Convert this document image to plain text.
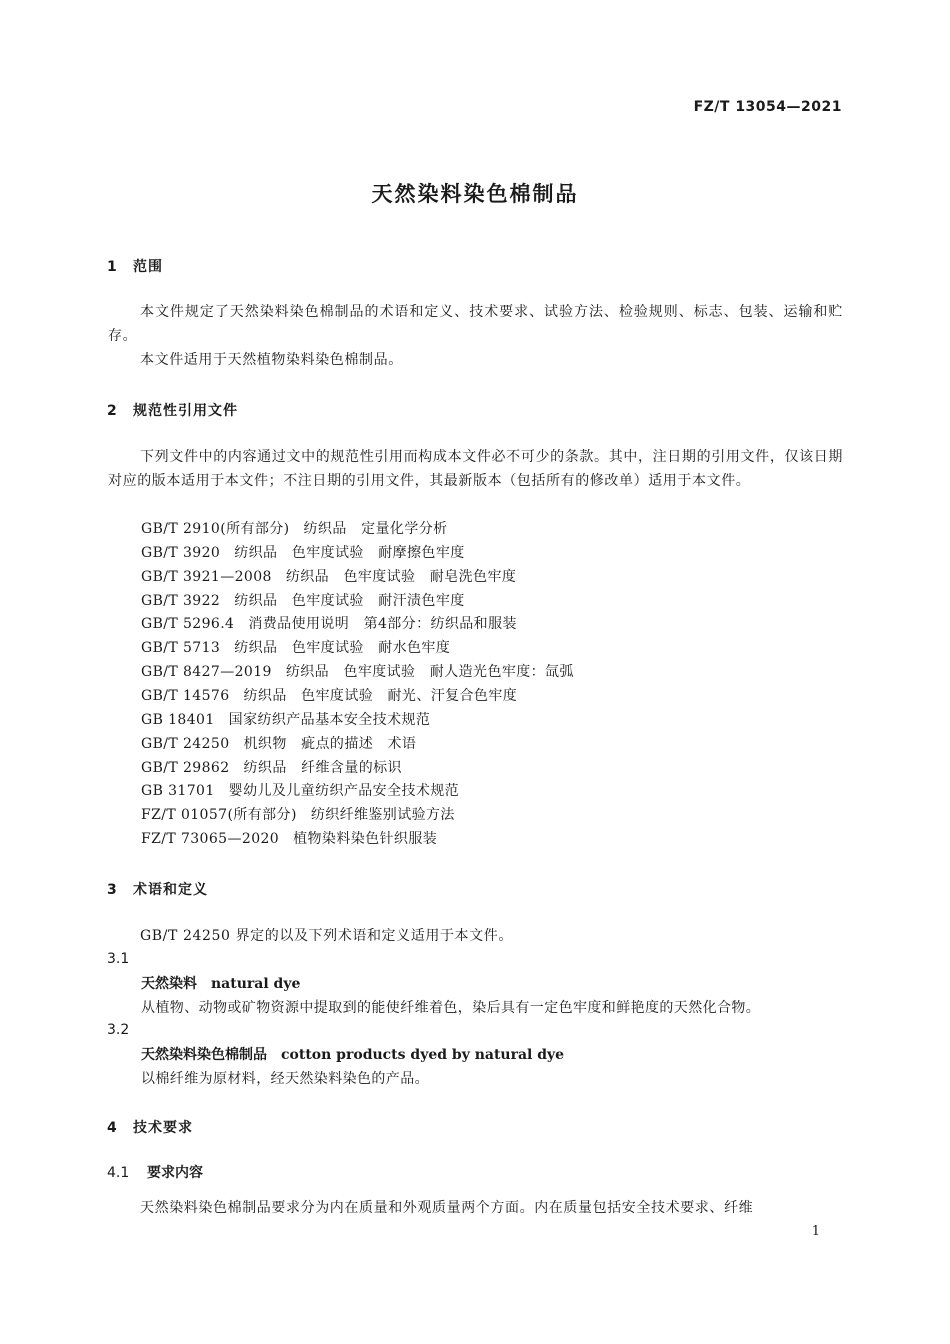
FZ/T 13054—2021
天然染料染色棉制品
1 范围
本文件规定了天然染料染色棉制品的术语和定义、技术要求、试验方法、检验规则、标志、包装、运输和贮存。
本文件适用于天然植物染料染色棉制品。
2 规范性引用文件
下列文件中的内容通过文中的规范性引用而构成本文件必不可少的条款。其中，注日期的引用文件，仅该日期对应的版本适用于本文件；不注日期的引用文件，其最新版本（包括所有的修改单）适用于本文件。
GB/T 2910(所有部分) 纺织品　定量化学分析
GB/T 3920 纺织品　色牢度试验　耐摩擦色牢度
GB/T 3921—2008 纺织品　色牢度试验　耐皂洗色牢度
GB/T 3922 纺织品　色牢度试验　耐汗渍色牢度
GB/T 5296.4 消费品使用说明　第4部分：纺织品和服装
GB/T 5713 纺织品　色牢度试验　耐水色牢度
GB/T 8427—2019 纺织品　色牢度试验　耐人造光色牢度：氙弧
GB/T 14576 纺织品　色牢度试验　耐光、汗复合色牢度
GB 18401 国家纺织产品基本安全技术规范
GB/T 24250 机织物　疵点的描述　术语
GB/T 29862 纺织品　纤维含量的标识
GB 31701 婴幼儿及儿童纺织产品安全技术规范
FZ/T 01057(所有部分) 纺织纤维鉴别试验方法
FZ/T 73065—2020 植物染料染色针织服装
3 术语和定义
GB/T 24250 界定的以及下列术语和定义适用于本文件。
3.1
天然染料 natural dye
从植物、动物或矿物资源中提取到的能使纤维着色，染后具有一定色牢度和鲜艳度的天然化合物。
3.2
天然染料染色棉制品 cotton products dyed by natural dye
以棉纤维为原材料，经天然染料染色的产品。
4 技术要求
4.1 要求内容
天然染料染色棉制品要求分为内在质量和外观质量两个方面。内在质量包括安全技术要求、纤维
1
